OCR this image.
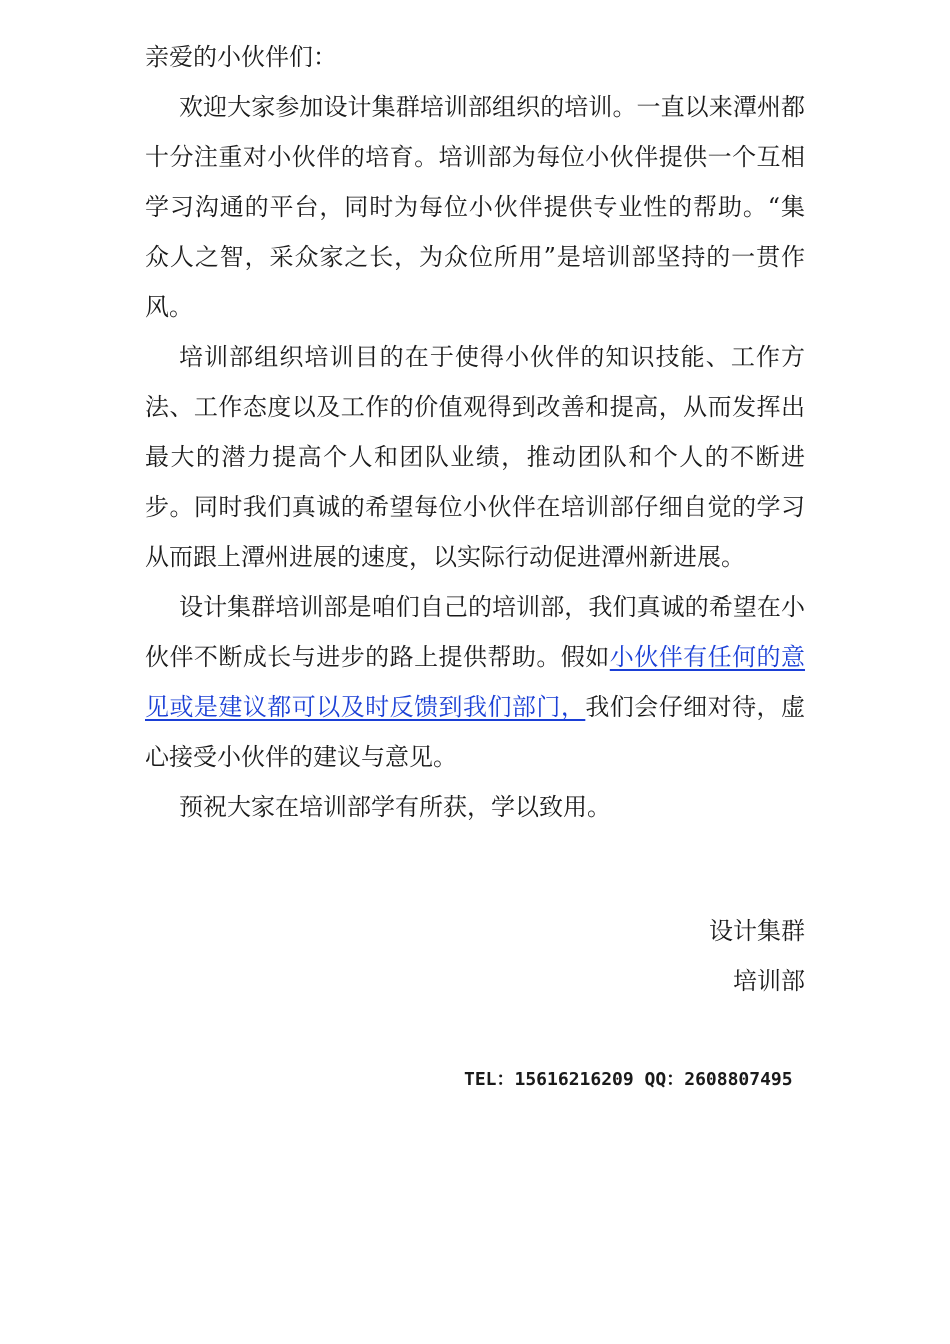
亲爱的小伙伴们：

欢迎大家参加设计集群培训部组织的培训。一直以来潭州都十分注重对小伙伴的培育。培训部为每位小伙伴提供一个互相学习沟通的平台，同时为每位小伙伴提供专业性的帮助。“集众人之智，采众家之长，为众位所用”是培训部坚持的一贯作风。

培训部组织培训目的在于使得小伙伴的知识技能、工作方法、工作态度以及工作的价值观得到改善和提高，从而发挥出最大的潜力提高个人和团队业绩，推动团队和个人的不断进步。同时我们真诚的希望每位小伙伴在培训部仔细自觉的学习从而跟上潭州进展的速度，以实际行动促进潭州新进展。

设计集群培训部是咱们自己的培训部，我们真诚的希望在小伙伴不断成长与进步的路上提供帮助。假如小伙伴有任何的意见或是建议都可以及时反馈到我们部门，我们会仔细对待，虚心接受小伙伴的建议与意见。

预祝大家在培训部学有所获，学以致用。

设计集群
培训部
TEL：15616216209 QQ：2608807495
